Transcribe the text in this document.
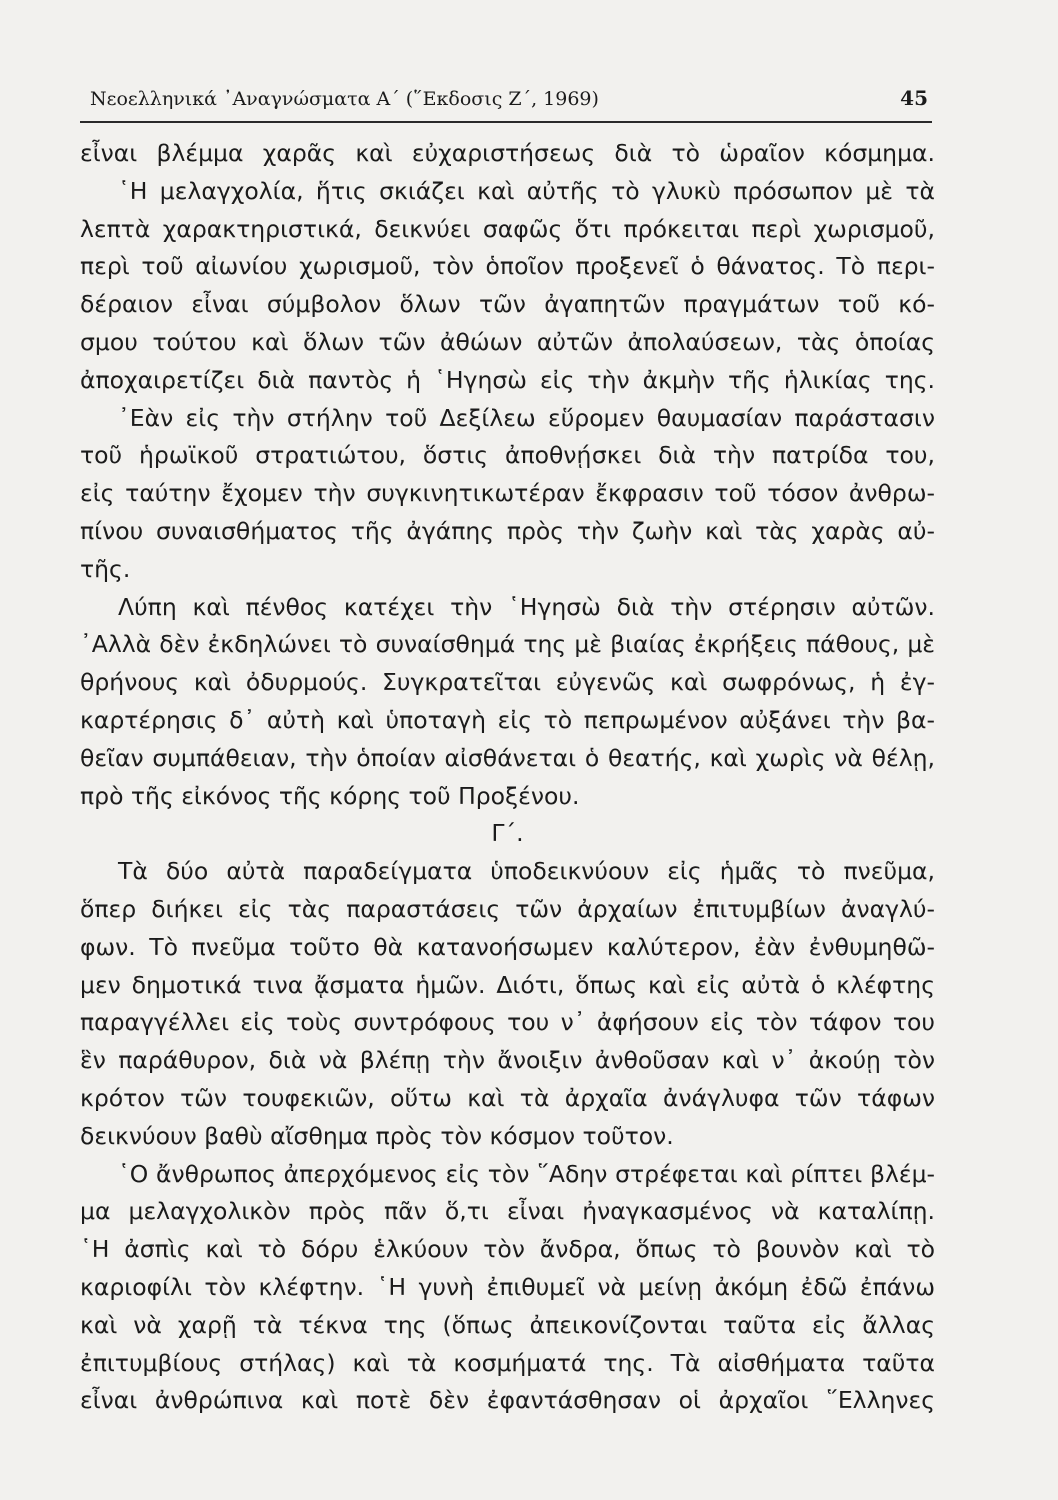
Νεοελληνικά ᾿Αναγνώσματα Α΄ (῞Εκδοσις Ζ΄, 1969)	45
εἶναι βλέμμα χαρᾶς καὶ εὐχαριστήσεως διὰ τὸ ὡραῖον κόσμημα.
῾Η μελαγχολία, ἥτις σκιάζει καὶ αὐτῆς τὸ γλυκὺ πρόσωπον μὲ τὰ
λεπτὰ χαρακτηριστικά, δεικνύει σαφῶς ὅτι πρόκειται περὶ χωρισμοῦ,
περὶ τοῦ αἰωνίου χωρισμοῦ, τὸν ὁποῖον προξενεῖ ὁ θάνατος. Τὸ περι-
δέραιον εἶναι σύμβολον ὅλων τῶν ἀγαπητῶν πραγμάτων τοῦ κό-
σμου τούτου καὶ ὅλων τῶν ἀθώων αὐτῶν ἀπολαύσεων, τὰς ὁποίας
ἀποχαιρετίζει διὰ παντὸς ἡ ῾Ηγησὼ εἰς τὴν ἀκμὴν τῆς ἡλικίας της.
᾿Εὰν εἰς τὴν στήλην τοῦ Δεξίλεω εὕρομεν θαυμασίαν παράστασιν
τοῦ ἡρωϊκοῦ στρατιώτου, ὅστις ἀποθνῄσκει διὰ τὴν πατρίδα του,
εἰς ταύτην ἔχομεν τὴν συγκινητικωτέραν ἔκφρασιν τοῦ τόσον ἀνθρω-
πίνου συναισθήματος τῆς ἀγάπης πρὸς τὴν ζωὴν καὶ τὰς χαρὰς αὐ-
τῆς.
Λύπη καὶ πένθος κατέχει τὴν ῾Ηγησὼ διὰ τὴν στέρησιν αὐτῶν.
᾿Αλλὰ δὲν ἐκδηλώνει τὸ συναίσθημά της μὲ βιαίας ἐκρήξεις πάθους, μὲ
θρήνους καὶ ὀδυρμούς. Συγκρατεῖται εὐγενῶς καὶ σωφρόνως, ἡ ἐγ-
καρτέρησις δ᾿ αὐτὴ καὶ ὑποταγὴ εἰς τὸ πεπρωμένον αὐξάνει τὴν βα-
θεῖαν συμπάθειαν, τὴν ὁποίαν αἰσθάνεται ὁ θεατής, καὶ χωρὶς νὰ θέλῃ,
πρὸ τῆς εἰκόνος τῆς κόρης τοῦ Προξένου.
Γ΄.
Τὰ δύο αὐτὰ παραδείγματα ὑποδεικνύουν εἰς ἡμᾶς τὸ πνεῦμα,
ὅπερ διήκει εἰς τὰς παραστάσεις τῶν ἀρχαίων ἐπιτυμβίων ἀναγλύ-
φων. Τὸ πνεῦμα τοῦτο θὰ κατανοήσωμεν καλύτερον, ἐὰν ἐνθυμηθῶ-
μεν δημοτικά τινα ᾄσματα ἡμῶν. Διότι, ὅπως καὶ εἰς αὐτὰ ὁ κλέφτης
παραγγέλλει εἰς τοὺς συντρόφους του ν᾿ ἀφήσουν εἰς τὸν τάφον του
ἓν παράθυρον, διὰ νὰ βλέπῃ τὴν ἄνοιξιν ἀνθοῦσαν καὶ ν᾿ ἀκούῃ τὸν
κρότον τῶν τουφεκιῶν, οὕτω καὶ τὰ ἀρχαῖα ἀνάγλυφα τῶν τάφων
δεικνύουν βαθὺ αἴσθημα πρὸς τὸν κόσμον τοῦτον.
῾Ο ἄνθρωπος ἀπερχόμενος εἰς τὸν ῞Αδην στρέφεται καὶ ρίπτει βλέμ-
μα μελαγχολικὸν πρὸς πᾶν ὅ,τι εἶναι ἠναγκασμένος νὰ καταλίπῃ.
῾Η ἀσπὶς καὶ τὸ δόρυ ἑλκύουν τὸν ἄνδρα, ὅπως τὸ βουνὸν καὶ τὸ
καριοφίλι τὸν κλέφτην. ῾Η γυνὴ ἐπιθυμεῖ νὰ μείνῃ ἀκόμη ἐδῶ ἐπάνω
καὶ νὰ χαρῇ τὰ τέκνα της (ὅπως ἀπεικονίζονται ταῦτα εἰς ἄλλας
ἐπιτυμβίους στήλας) καὶ τὰ κοσμήματά της. Τὰ αἰσθήματα ταῦτα
εἶναι ἀνθρώπινα καὶ ποτὲ δὲν ἐφαντάσθησαν οἱ ἀρχαῖοι ῞Ελληνες
